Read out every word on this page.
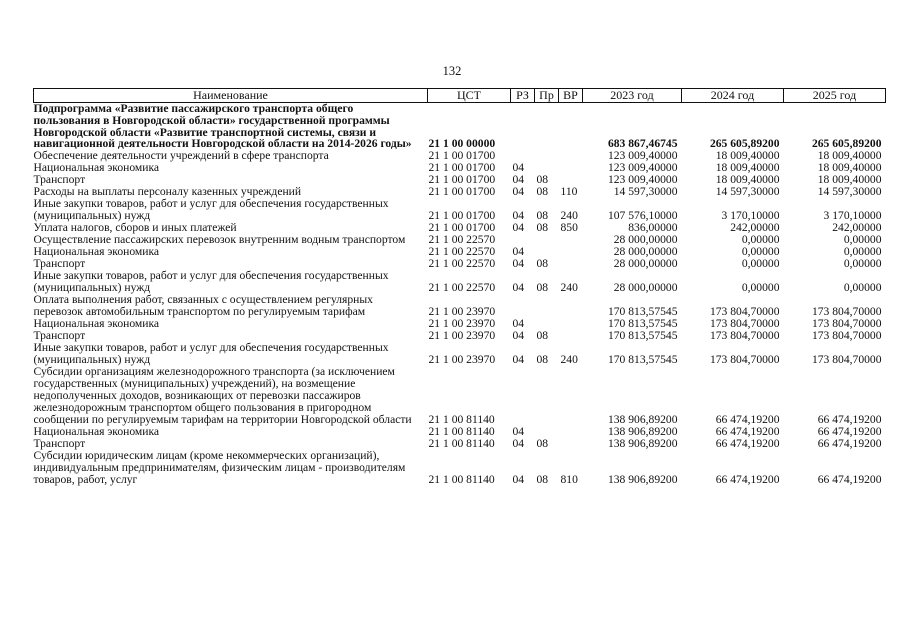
132
Наименование	ЦСТ	РЗ	Пр	ВР	2023 год	2024 год	2025 год
Подпрограмма «Развитие пассажирского транспорта общего пользования в Новгородской области» государственной программы Новгородской области «Развитие транспортной системы, связи и навигационной деятельности Новгородской области на 2014-2026 годы»	21 1 00 00000				683 867,46745	265 605,89200	265 605,89200
Обеспечение деятельности учреждений в сфере транспорта	21 1 00 01700				123 009,40000	18 009,40000	18 009,40000
Национальная экономика	21 1 00 01700	04			123 009,40000	18 009,40000	18 009,40000
Транспорт	21 1 00 01700	04	08		123 009,40000	18 009,40000	18 009,40000
Расходы на выплаты персоналу казенных учреждений	21 1 00 01700	04	08	110	14 597,30000	14 597,30000	14 597,30000
Иные закупки товаров, работ и услуг для обеспечения государственных (муниципальных) нужд	21 1 00 01700	04	08	240	107 576,10000	3 170,10000	3 170,10000
Уплата налогов, сборов и иных платежей	21 1 00 01700	04	08	850	836,00000	242,00000	242,00000
Осуществление пассажирских перевозок внутренним водным транспортом	21 1 00 22570				28 000,00000	0,00000	0,00000
Национальная экономика	21 1 00 22570	04			28 000,00000	0,00000	0,00000
Транспорт	21 1 00 22570	04	08		28 000,00000	0,00000	0,00000
Иные закупки товаров, работ и услуг для обеспечения государственных (муниципальных) нужд	21 1 00 22570	04	08	240	28 000,00000	0,00000	0,00000
Оплата выполнения работ, связанных с осуществлением регулярных перевозок автомобильным транспортом по регулируемым тарифам	21 1 00 23970				170 813,57545	173 804,70000	173 804,70000
Национальная экономика	21 1 00 23970	04			170 813,57545	173 804,70000	173 804,70000
Транспорт	21 1 00 23970	04	08		170 813,57545	173 804,70000	173 804,70000
Иные закупки товаров, работ и услуг для обеспечения государственных (муниципальных) нужд	21 1 00 23970	04	08	240	170 813,57545	173 804,70000	173 804,70000
Субсидии организациям железнодорожного транспорта (за исключением государственных (муниципальных) учреждений), на возмещение недополученных доходов, возникающих от перевозки пассажиров железнодорожным транспортом общего пользования в пригородном сообщении по регулируемым тарифам на территории Новгородской области	21 1 00 81140				138 906,89200	66 474,19200	66 474,19200
Национальная экономика	21 1 00 81140	04			138 906,89200	66 474,19200	66 474,19200
Транспорт	21 1 00 81140	04	08		138 906,89200	66 474,19200	66 474,19200
Субсидии юридическим лицам (кроме некоммерческих организаций), индивидуальным предпринимателям, физическим лицам - производителям товаров, работ, услуг	21 1 00 81140	04	08	810	138 906,89200	66 474,19200	66 474,19200
